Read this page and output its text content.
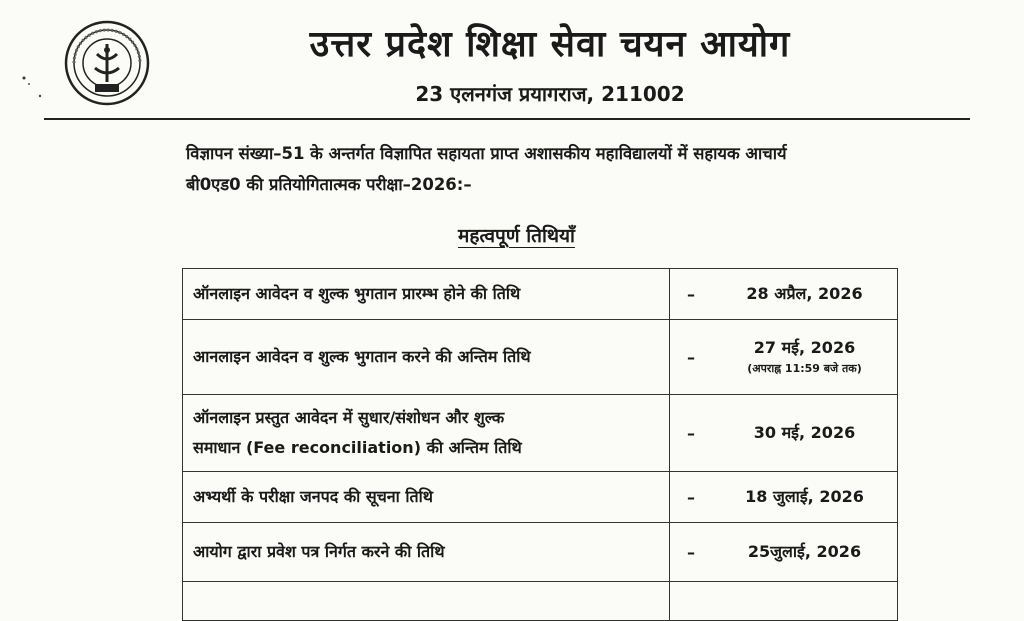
उत्तर प्रदेश शिक्षा सेवा चयन आयोग
23 एलनगंज प्रयागराज, 211002
विज्ञापन संख्या–51 के अन्तर्गत विज्ञापित सहायता प्राप्त अशासकीय महाविद्यालयों में सहायक आचार्य
बी0एड0 की प्रतियोगितात्मक परीक्षा–2026:–
महत्वपूर्ण तिथियाँ
ऑनलाइन आवेदन व शुल्क भुगतान प्रारम्भ होने की तिथि	–	28 अप्रैल, 2026
आनलाइन आवेदन व शुल्क भुगतान करने की अन्तिम तिथि	–	27 मई, 2026
(अपराह्न 11:59 बजे तक)

ऑनलाइन प्रस्तुत आवेदन में सुधार/संशोधन और शुल्क
समाधान (Fee reconciliation) की अन्तिम तिथि	–	30 मई, 2026
अभ्यर्थी के परीक्षा जनपद की सूचना तिथि	–	18 जुलाई, 2026
आयोग द्वारा प्रवेश पत्र निर्गत करने की तिथि	–	25जुलाई, 2026
